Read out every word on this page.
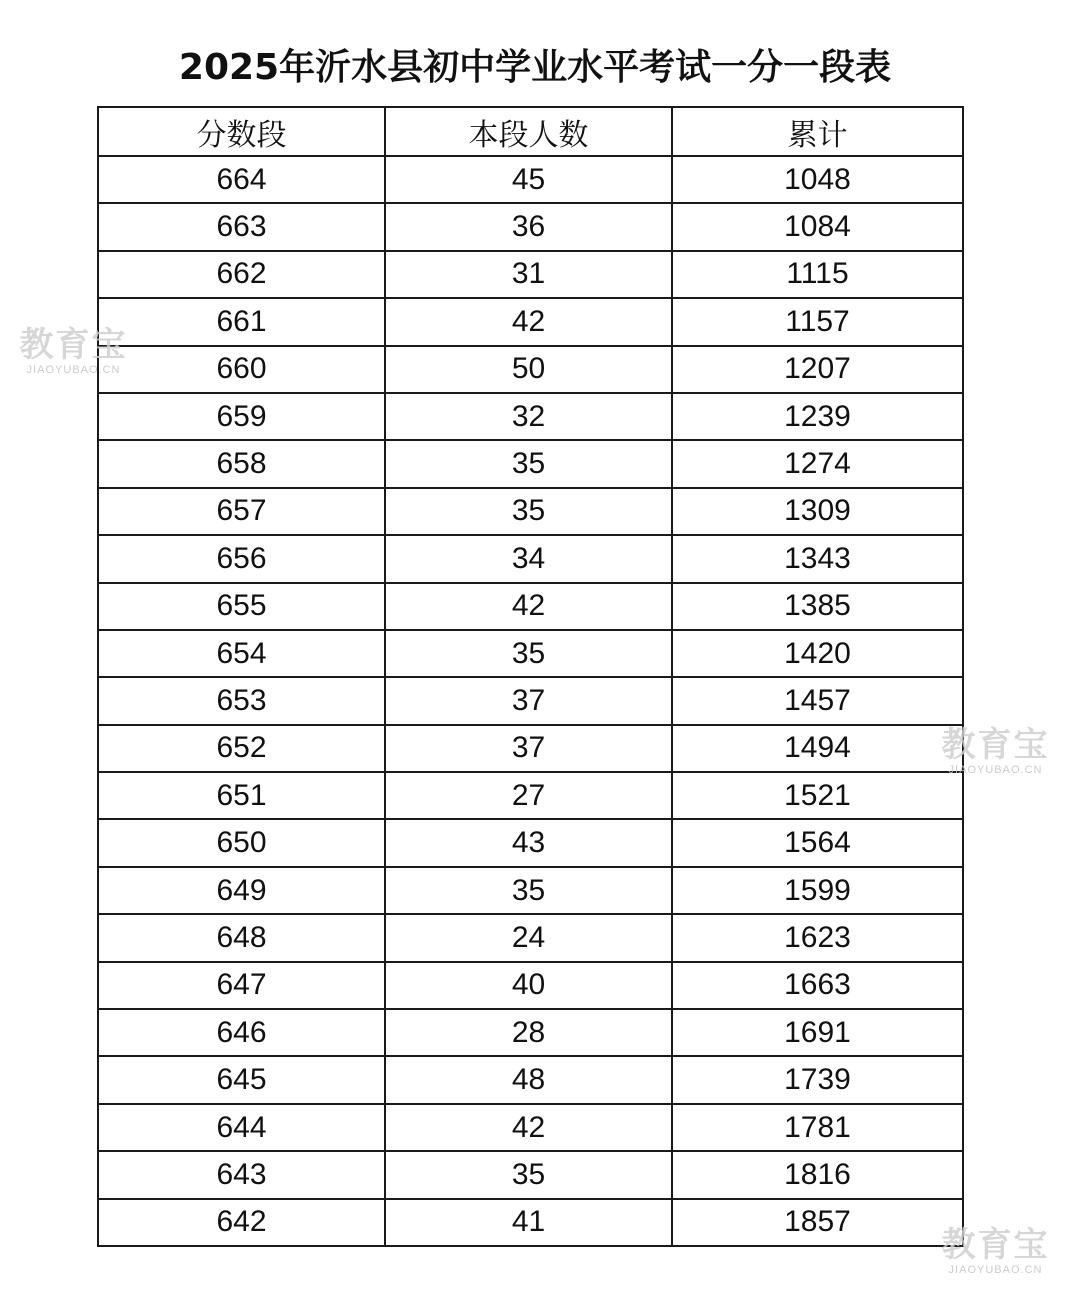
2025年沂水县初中学业水平考试一分一段表
分数段	本段人数	累计
664	45	1048
663	36	1084
662	31	1115
661	42	1157
660	50	1207
659	32	1239
658	35	1274
657	35	1309
656	34	1343
655	42	1385
654	35	1420
653	37	1457
652	37	1494
651	27	1521
650	43	1564
649	35	1599
648	24	1623
647	40	1663
646	28	1691
645	48	1739
644	42	1781
643	35	1816
642	41	1857
教育宝
JIAOYUBAO.CN
教育宝
JIAOYUBAO.CN
教育宝
JIAOYUBAO.CN
